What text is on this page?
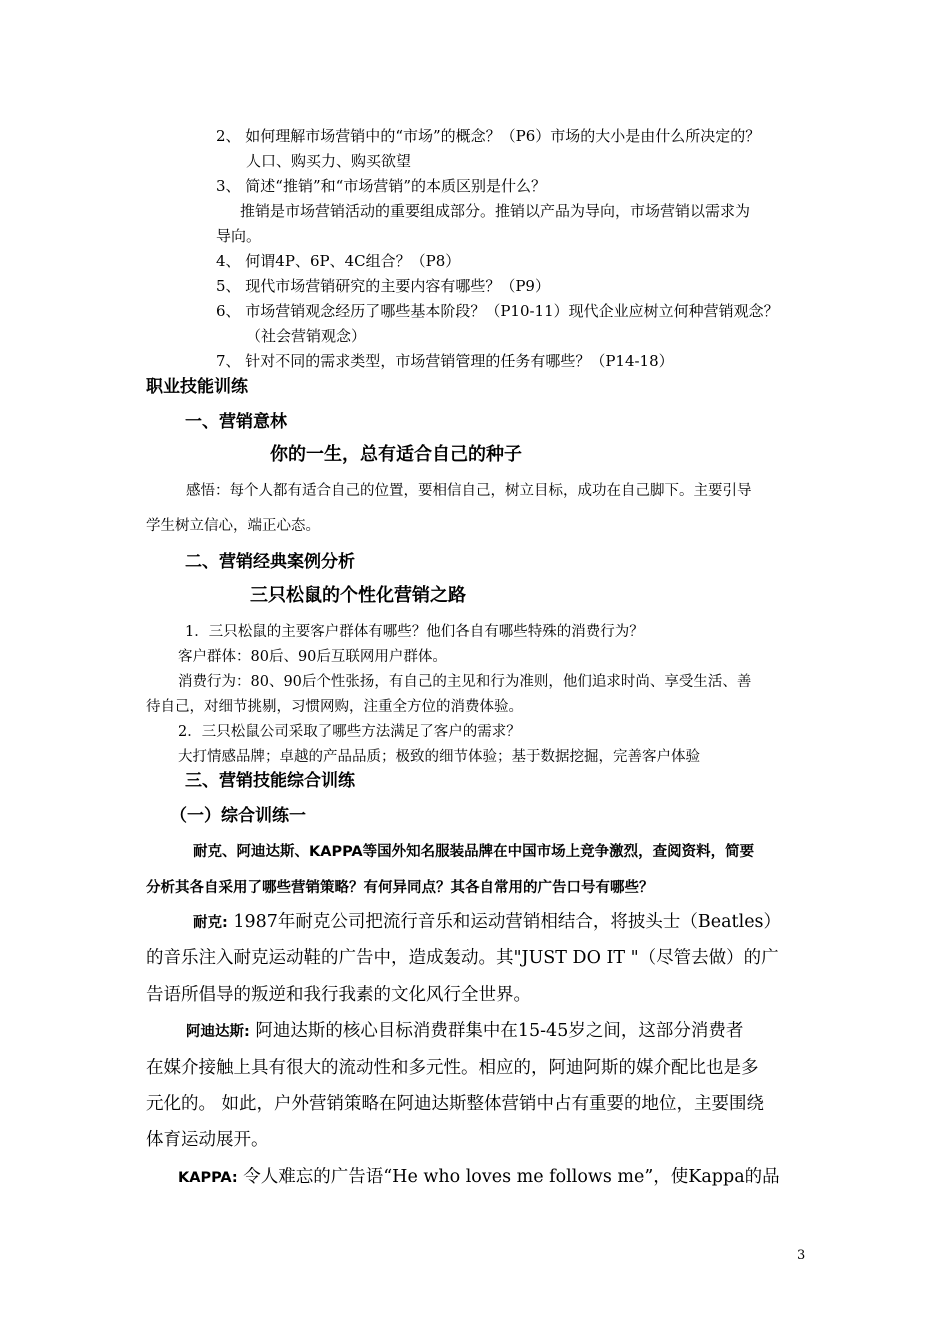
2、 如何理解市场营销中的“市场”的概念？（P6）市场的大小是由什么所决定的？
人口、购买力、购买欲望
3、 简述“推销”和“市场营销”的本质区别是什么？
推销是市场营销活动的重要组成部分。推销以产品为导向，市场营销以需求为
导向。
4、 何谓4P、6P、4C组合？（P8）
5、 现代市场营销研究的主要内容有哪些？（P9）
6、 市场营销观念经历了哪些基本阶段？（P10-11）现代企业应树立何种营销观念？
（社会营销观念）
7、 针对不同的需求类型，市场营销管理的任务有哪些？（P14-18）
职业技能训练
一、营销意林
你的一生，总有适合自己的种子
感悟：每个人都有适合自己的位置，要相信自己，树立目标，成功在自己脚下。主要引导
学生树立信心，端正心态。
二、营销经典案例分析
三只松鼠的个性化营销之路
1．三只松鼠的主要客户群体有哪些？他们各自有哪些特殊的消费行为？
客户群体：80后、90后互联网用户群体。
消费行为：80、90后个性张扬，有自己的主见和行为准则，他们追求时尚、享受生活、善
待自己，对细节挑剔，习惯网购，注重全方位的消费体验。
2．三只松鼠公司采取了哪些方法满足了客户的需求？
大打情感品牌；卓越的产品品质；极致的细节体验；基于数据挖掘，完善客户体验
三、营销技能综合训练
（一）综合训练一
耐克、阿迪达斯、KAPPA等国外知名服装品牌在中国市场上竞争激烈，查阅资料，简要
分析其各自采用了哪些营销策略？有何异同点？其各自常用的广告口号有哪些？
耐克: 1987年耐克公司把流行音乐和运动营销相结合，将披头士（Beatles）
的音乐注入耐克运动鞋的广告中，造成轰动。其"JUST DO IT "（尽管去做）的广
告语所倡导的叛逆和我行我素的文化风行全世界。
阿迪达斯: 阿迪达斯的核心目标消费群集中在15-45岁之间，这部分消费者
在媒介接触上具有很大的流动性和多元性。相应的，阿迪阿斯的媒介配比也是多
元化的。 如此，户外营销策略在阿迪达斯整体营销中占有重要的地位，主要围绕
体育运动展开。
KAPPA: 令人难忘的广告语“He who loves me follows me”，使Kappa的品
3
